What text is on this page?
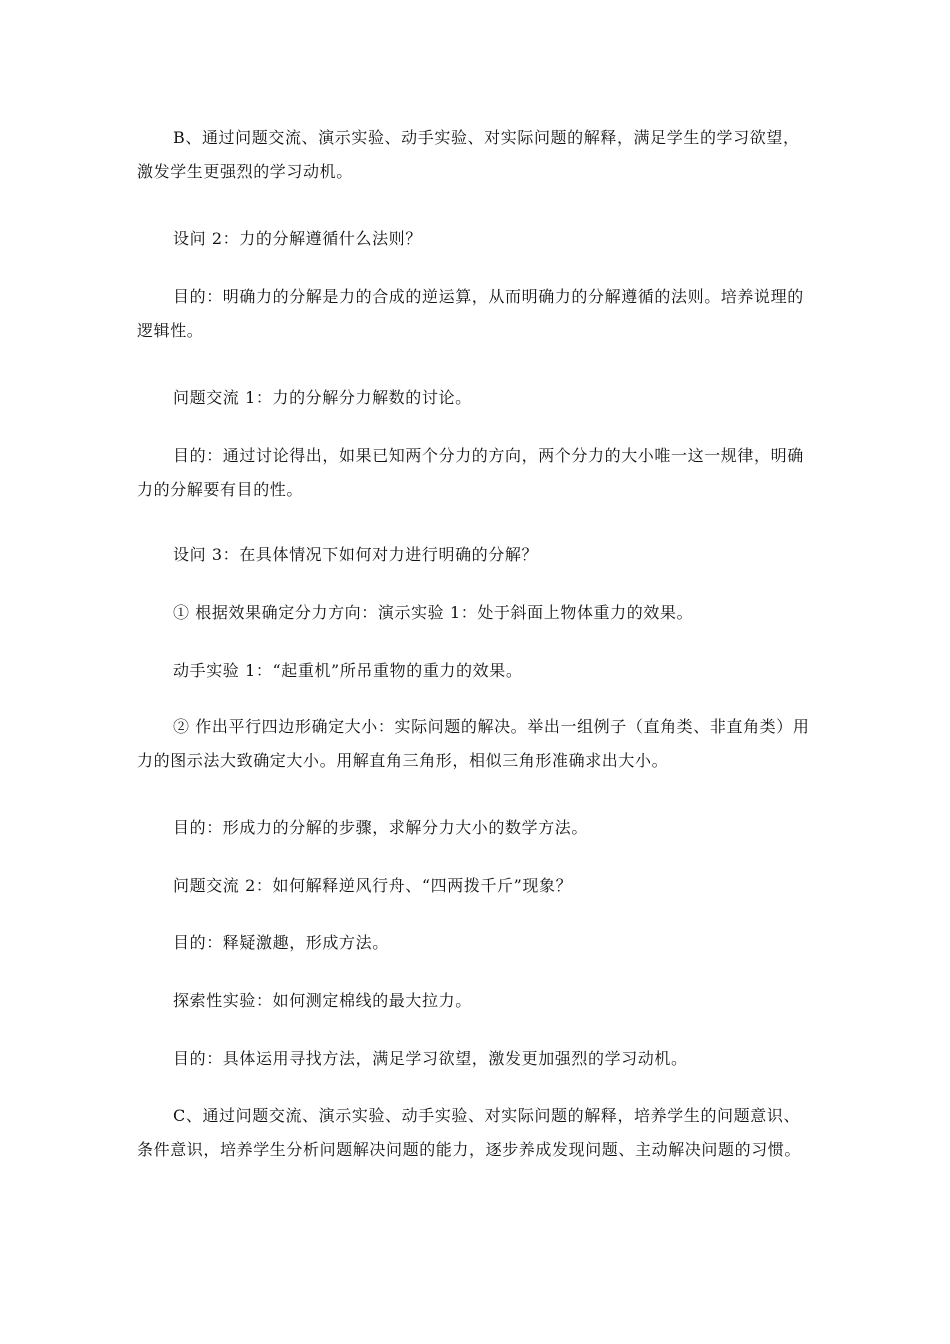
B、通过问题交流、演示实验、动手实验、对实际问题的解释，满足学生的学习欲望，
激发学生更强烈的学习动机。
设问 2：力的分解遵循什么法则？
目的：明确力的分解是力的合成的逆运算，从而明确力的分解遵循的法则。培养说理的
逻辑性。
问题交流 1：力的分解分力解数的讨论。
目的：通过讨论得出，如果已知两个分力的方向，两个分力的大小唯一这一规律，明确
力的分解要有目的性。
设问 3：在具体情况下如何对力进行明确的分解？
① 根据效果确定分力方向：演示实验 1：处于斜面上物体重力的效果。
动手实验 1：“起重机”所吊重物的重力的效果。
② 作出平行四边形确定大小：实际问题的解决。举出一组例子（直角类、非直角类）用
力的图示法大致确定大小。用解直角三角形，相似三角形准确求出大小。
目的：形成力的分解的步骤，求解分力大小的数学方法。
问题交流 2：如何解释逆风行舟、“四两拨千斤”现象？
目的：释疑激趣，形成方法。
探索性实验：如何测定棉线的最大拉力。
目的：具体运用寻找方法，满足学习欲望，激发更加强烈的学习动机。
C、通过问题交流、演示实验、动手实验、对实际问题的解释，培养学生的问题意识、
条件意识，培养学生分析问题解决问题的能力，逐步养成发现问题、主动解决问题的习惯。
